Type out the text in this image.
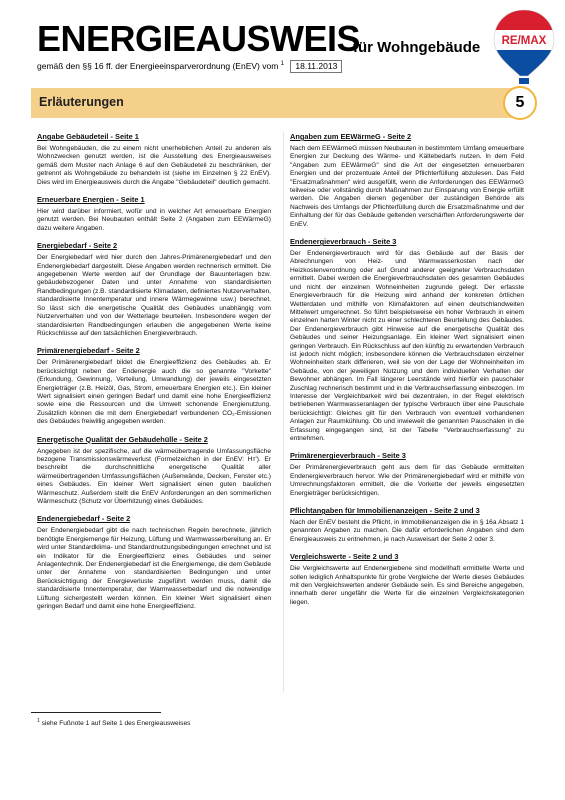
ENERGIEAUSWEIS
für Wohngebäude
gemäß den §§ 16 ff. der Energieeinsparverordnung (EnEV) vom $^1$ 18.11.2013
RE/MAX
Erläuterungen	5
Angabe Gebäudeteil - Seite 1

Bei Wohngebäuden, die zu einem nicht unerheblichen Anteil zu anderen als Wohnzwecken genutzt werden, ist die Ausstellung des Energieausweises gemäß dem Muster nach Anlage 6 auf den Gebäudeteil zu beschränken, der getrennt als Wohngebäude zu behandeln ist (siehe im Einzelnen § 22 EnEV). Dies wird im Energieausweis durch die Angabe "Gebäudeteil" deutlich gemacht.

Erneuerbare Energien - Seite 1

Hier wird darüber informiert, wofür und in welcher Art erneuerbare Energien genutzt werden. Bei Neubauten enthält Seite 2 (Angaben zum EEWärmeG) dazu weitere Angaben.

Energiebedarf - Seite 2

Der Energiebedarf wird hier durch den Jahres-Primärenergiebedarf und den Endenergiebedarf dargestellt. Diese Angaben werden rechnerisch ermittelt. Die angegebenen Werte werden auf der Grundlage der Bauunterlagen bzw. gebäudebezogener Daten und unter Annahme von standardisierten Randbedingungen (z.B. standardisierte Klimadaten, definiertes Nutzerverhalten, standardisierte Innentemperatur und innere Wärmegewinne usw.) berechnet. So lässt sich die energetische Qualität des Gebäudes unabhängig vom Nutzerverhalten und von der Wetterlage beurteilen. Insbesondere wegen der standardisierten Randbedingungen erlauben die angegebenen Werte keine Rückschlüsse auf den tatsächlichen Energieverbrauch.

Primärenergiebedarf - Seite 2

Der Primärenergiebedarf bildet die Energieeffizienz des Gebäudes ab. Er berücksichtigt neben der Endenergie auch die so genannte "Vorkette" (Erkundung, Gewinnung, Verteilung, Umwandlung) der jeweils eingesetzten Energieträger (z.B. Heizöl, Gas, Strom, erneuerbare Energien etc.). Ein kleiner Wert signalisiert einen geringen Bedarf und damit eine hohe Energieeffizienz sowie eine die Ressourcen und die Umwelt schonende Energienutzung. Zusätzlich können die mit dem Energiebedarf verbundenen CO₂-Emissionen des Gebäudes freiwillig angegeben werden.

Energetische Qualität der Gebäudehülle - Seite 2

Angegeben ist der spezifische, auf die wärmeübertragende Umfassungsfläche bezogene Transmissionswärmeverlust (Formelzeichen in der EnEV: Hᴛ'). Er beschreibt die durchschnittliche energetische Qualität aller wärmeübertragenden Umfassungsflächen (Außenwände, Decken, Fenster etc.) eines Gebäudes. Ein kleiner Wert signalisiert einen guten baulichen Wärmeschutz. Außerdem stellt die EnEV Anforderungen an den sommerlichen Wärmeschutz (Schutz vor Überhitzung) eines Gebäudes.

Endenergiebedarf - Seite 2

Der Endenergiebedarf gibt die nach technischen Regeln berechnete, jährlich benötigte Energiemenge für Heizung, Lüftung und Warmwasserbereitung an. Er wird unter Standardklima- und Standardnutzungsbedingungen errechnet und ist ein Indikator für die Energieeffizienz eines Gebäudes und seiner Anlagentechnik. Der Endenergiebedarf ist die Energiemenge, die dem Gebäude unter der Annahme von standardisierten Bedingungen und unter Berücksichtigung der Energieverluste zugeführt werden muss, damit die standardisierte Innentemperatur, der Warmwasserbedarf und die notwendige Lüftung sichergestellt werden können. Ein kleiner Wert signalisiert einen geringen Bedarf und damit eine hohe Energieeffizienz.

Angaben zum EEWärmeG - Seite 2

Nach dem EEWärmeG müssen Neubauten in bestimmtem Umfang erneuerbare Energien zur Deckung des Wärme- und Kältebedarfs nutzen. In dem Feld "Angaben zum EEWärmeG" sind die Art der eingesetzten erneuerbaren Energien und der prozentuale Anteil der Pflichterfüllung abzulesen. Das Feld "Ersatzmaßnahmen" wird ausgefüllt, wenn die Anforderungen des EEWärmeG teilweise oder vollständig durch Maßnahmen zur Einsparung von Energie erfüllt werden. Die Angaben dienen gegenüber der zuständigen Behörde als Nachweis des Umfangs der Pflichterfüllung durch die Ersatzmaßnahme und der Einhaltung der für das Gebäude geltenden verschärften Anforderungswerte der EnEV.

Endenergieverbrauch - Seite 3

Der Endenergieverbrauch wird für das Gebäude auf der Basis der Abrechnungen von Heiz- und Warmwasserkosten nach der Heizkostenverordnung oder auf Grund anderer geeigneter Verbrauchsdaten ermittelt. Dabei werden die Energieverbrauchsdaten des gesamten Gebäudes und nicht der einzelnen Wohneinheiten zugrunde gelegt. Der erfasste Energieverbrauch für die Heizung wird anhand der konkreten örtlichen Wetterdaten und mithilfe von Klimafaktoren auf einen deutschlandweiten Mittelwert umgerechnet. So führt beispielsweise ein hoher Verbrauch in einem einzelnen harten Winter nicht zu einer schlechteren Beurteilung des Gebäudes. Der Endenergieverbrauch gibt Hinweise auf die energetische Qualität des Gebäudes und seiner Heizungsanlage. Ein kleiner Wert signalisiert einen geringen Verbrauch. Ein Rückschluss auf den künftig zu erwartenden Verbrauch ist jedoch nicht möglich; insbesondere können die Verbrauchsdaten einzelner Wohneinheiten stark differieren, weil sie von der Lage der Wohneinheiten im Gebäude, von der jeweiligen Nutzung und dem individuellen Verhalten der Bewohner abhängen. Im Fall längerer Leerstände wird hierfür ein pauschaler Zuschlag rechnerisch bestimmt und in die Verbrauchserfassung einbezogen. Im Interesse der Vergleichbarkeit wird bei dezentralen, in der Regel elektrisch betriebenen Warmwasseranlagen der typische Verbrauch über eine Pauschale berücksichtigt: Gleiches gilt für den Verbrauch von eventuell vorhandenen Anlagen zur Raumkühlung. Ob und inwieweit die genannten Pauschalen in die Erfassung eingegangen sind, ist der Tabelle "Verbrauchserfassung" zu entnehmen.

Primärenergieverbrauch - Seite 3

Der Primärenergieverbrauch geht aus dem für das Gebäude ermittelten Endenergieverbrauch hervor. Wie der Primärenergiebedarf wird er mithilfe von Umrechnungsfaktoren ermittelt, die die Vorkette der jeweils eingesetzten Energieträger berücksichtigen.

Pflichtangaben für Immobilienanzeigen - Seite 2 und 3

Nach der EnEV besteht die Pflicht, in Immobilienanzeigen die in § 16a Absatz 1 genannten Angaben zu machen. Die dafür erforderlichen Angaben sind dem Energieausweis zu entnehmen, je nach Ausweisart der Seite 2 oder 3.

Vergleichswerte - Seite 2 und 3

Die Vergleichswerte auf Endenergiebene sind modellhaft ermittelte Werte und sollen lediglich Anhaltspunkte für grobe Vergleiche der Werte dieses Gebäudes mit den Vergleichswerten anderer Gebäude sein. Es sind Bereiche angegeben, innerhalb derer ungefähr die Werte für die einzelnen Vergleichskategorien liegen.

$^1$ siehe Fußnote 1 auf Seite 1 des Energieausweises
